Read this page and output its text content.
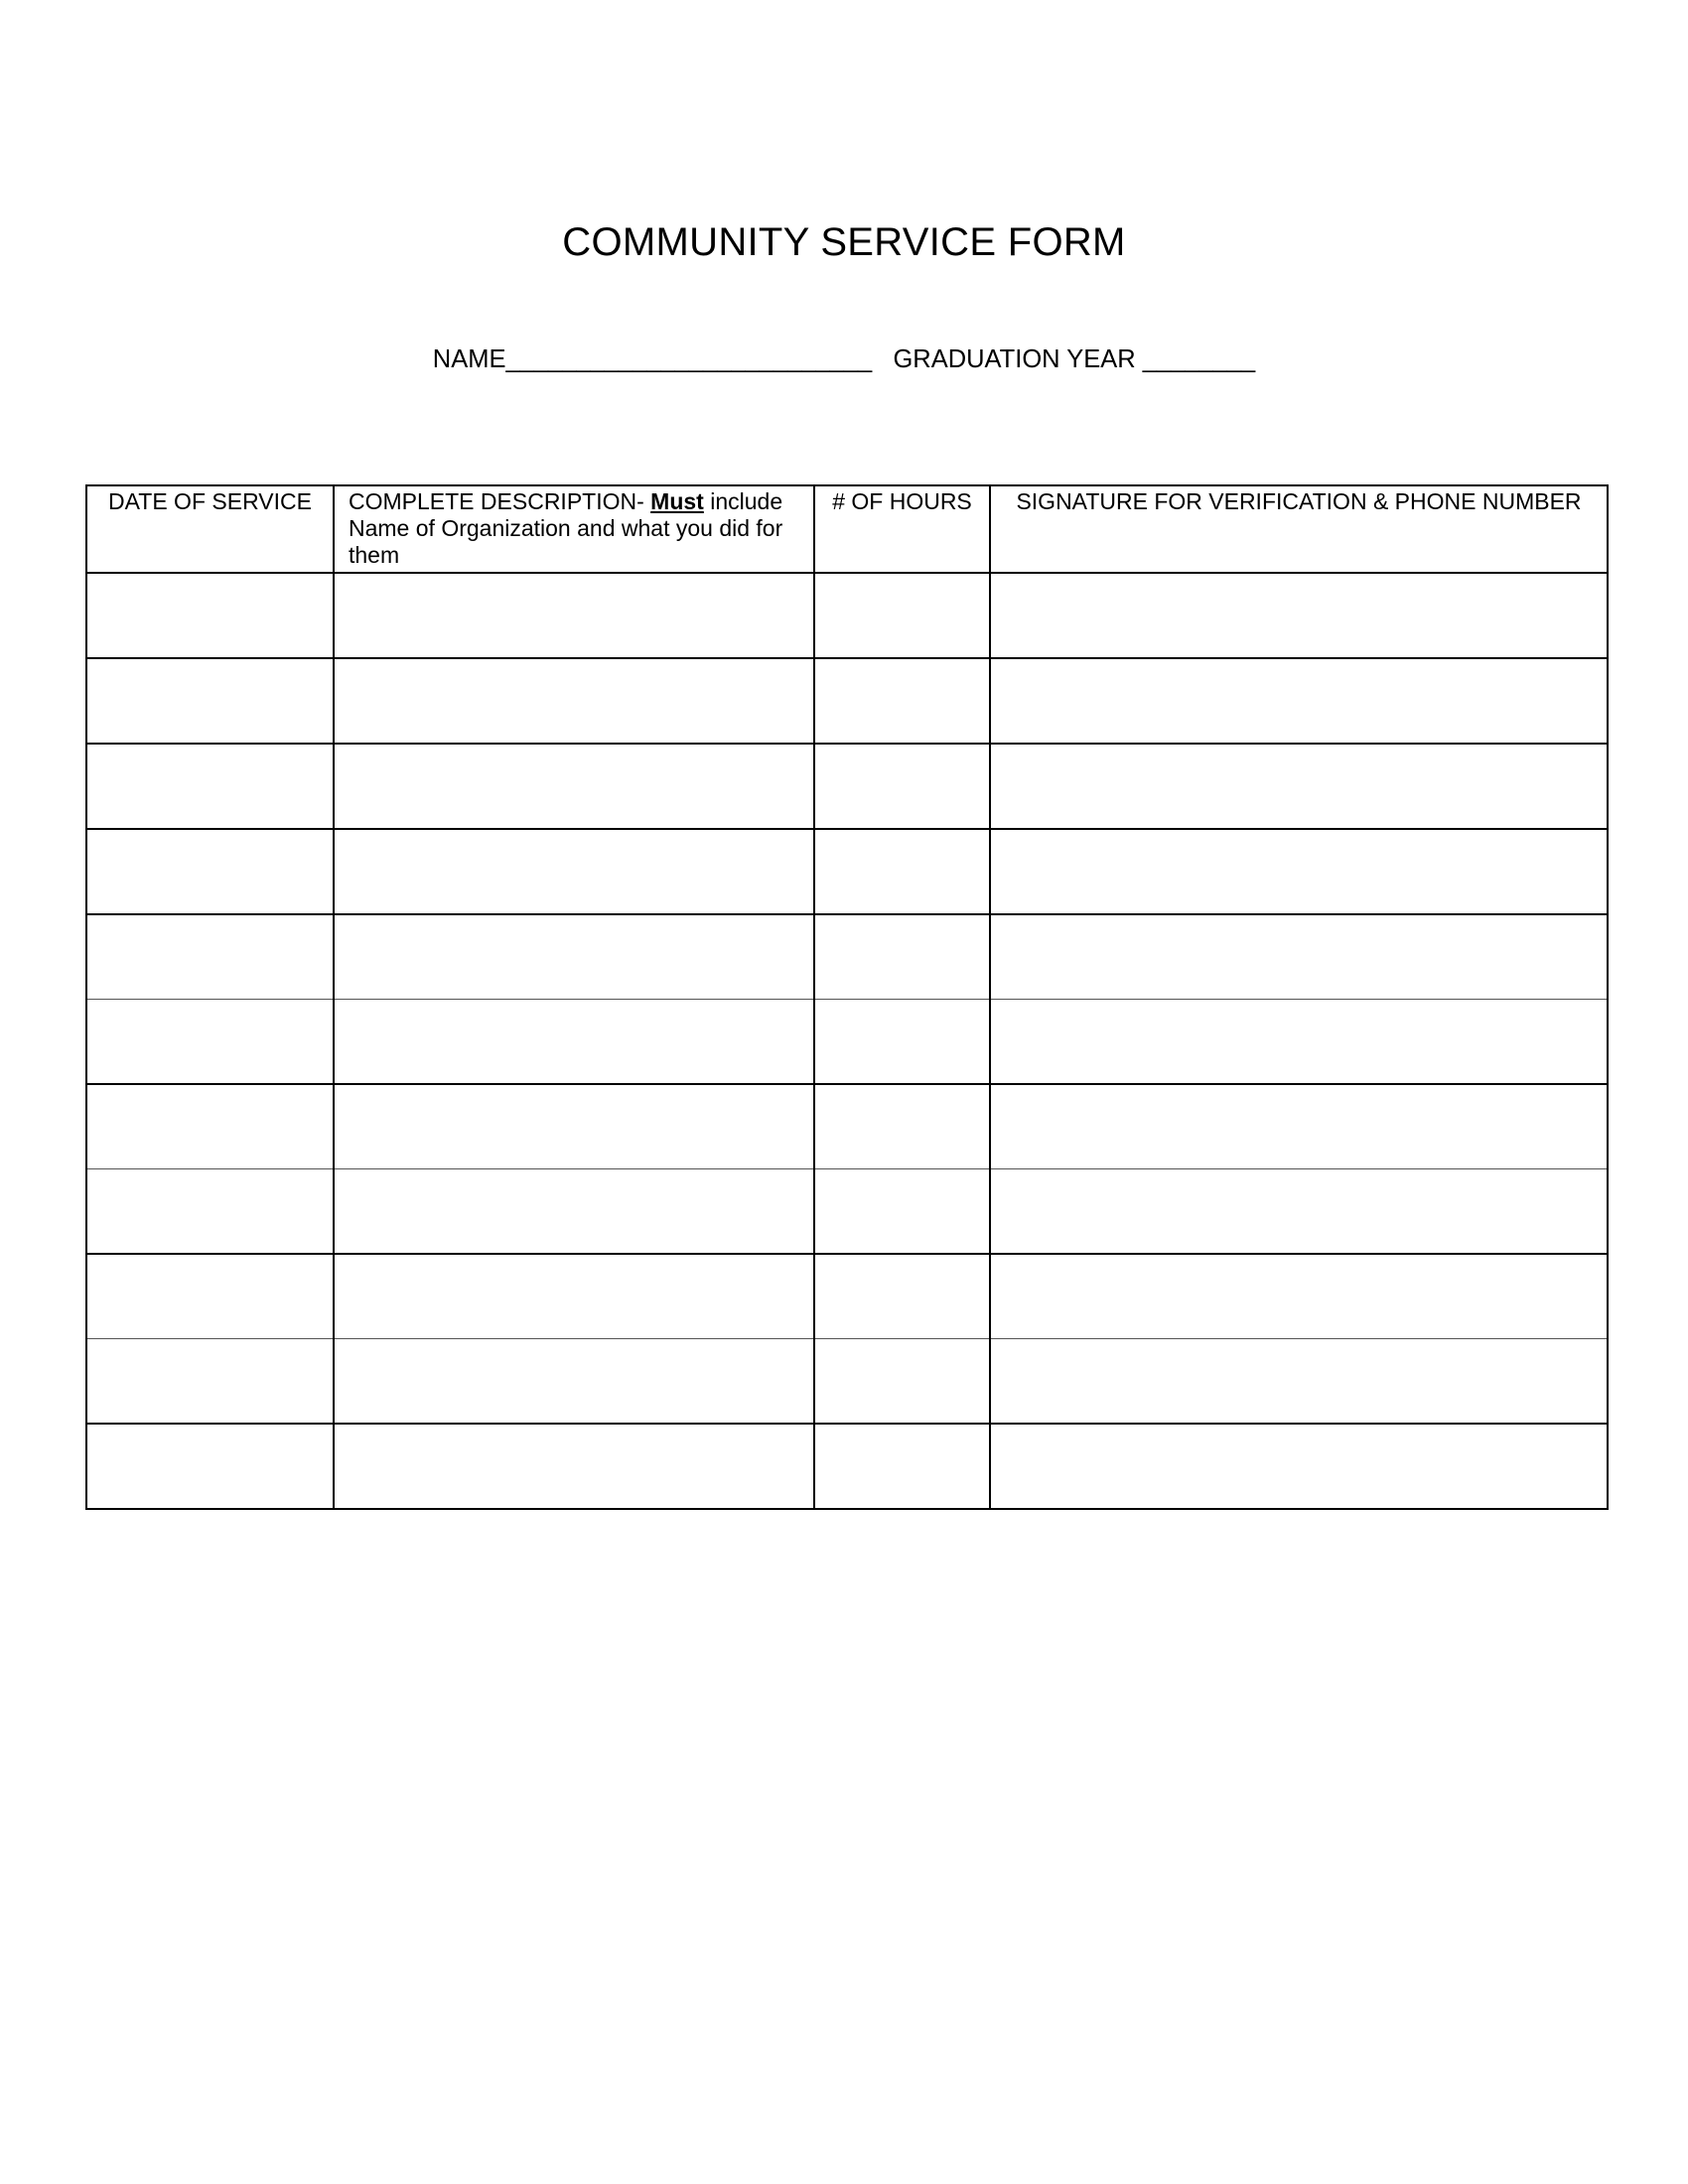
COMMUNITY SERVICE FORM
NAME__________________________ GRADUATION YEAR ________
DATE OF SERVICE	COMPLETE DESCRIPTION- Must include Name of Organization and what you did for them	# OF HOURS	SIGNATURE FOR VERIFICATION & PHONE NUMBER
